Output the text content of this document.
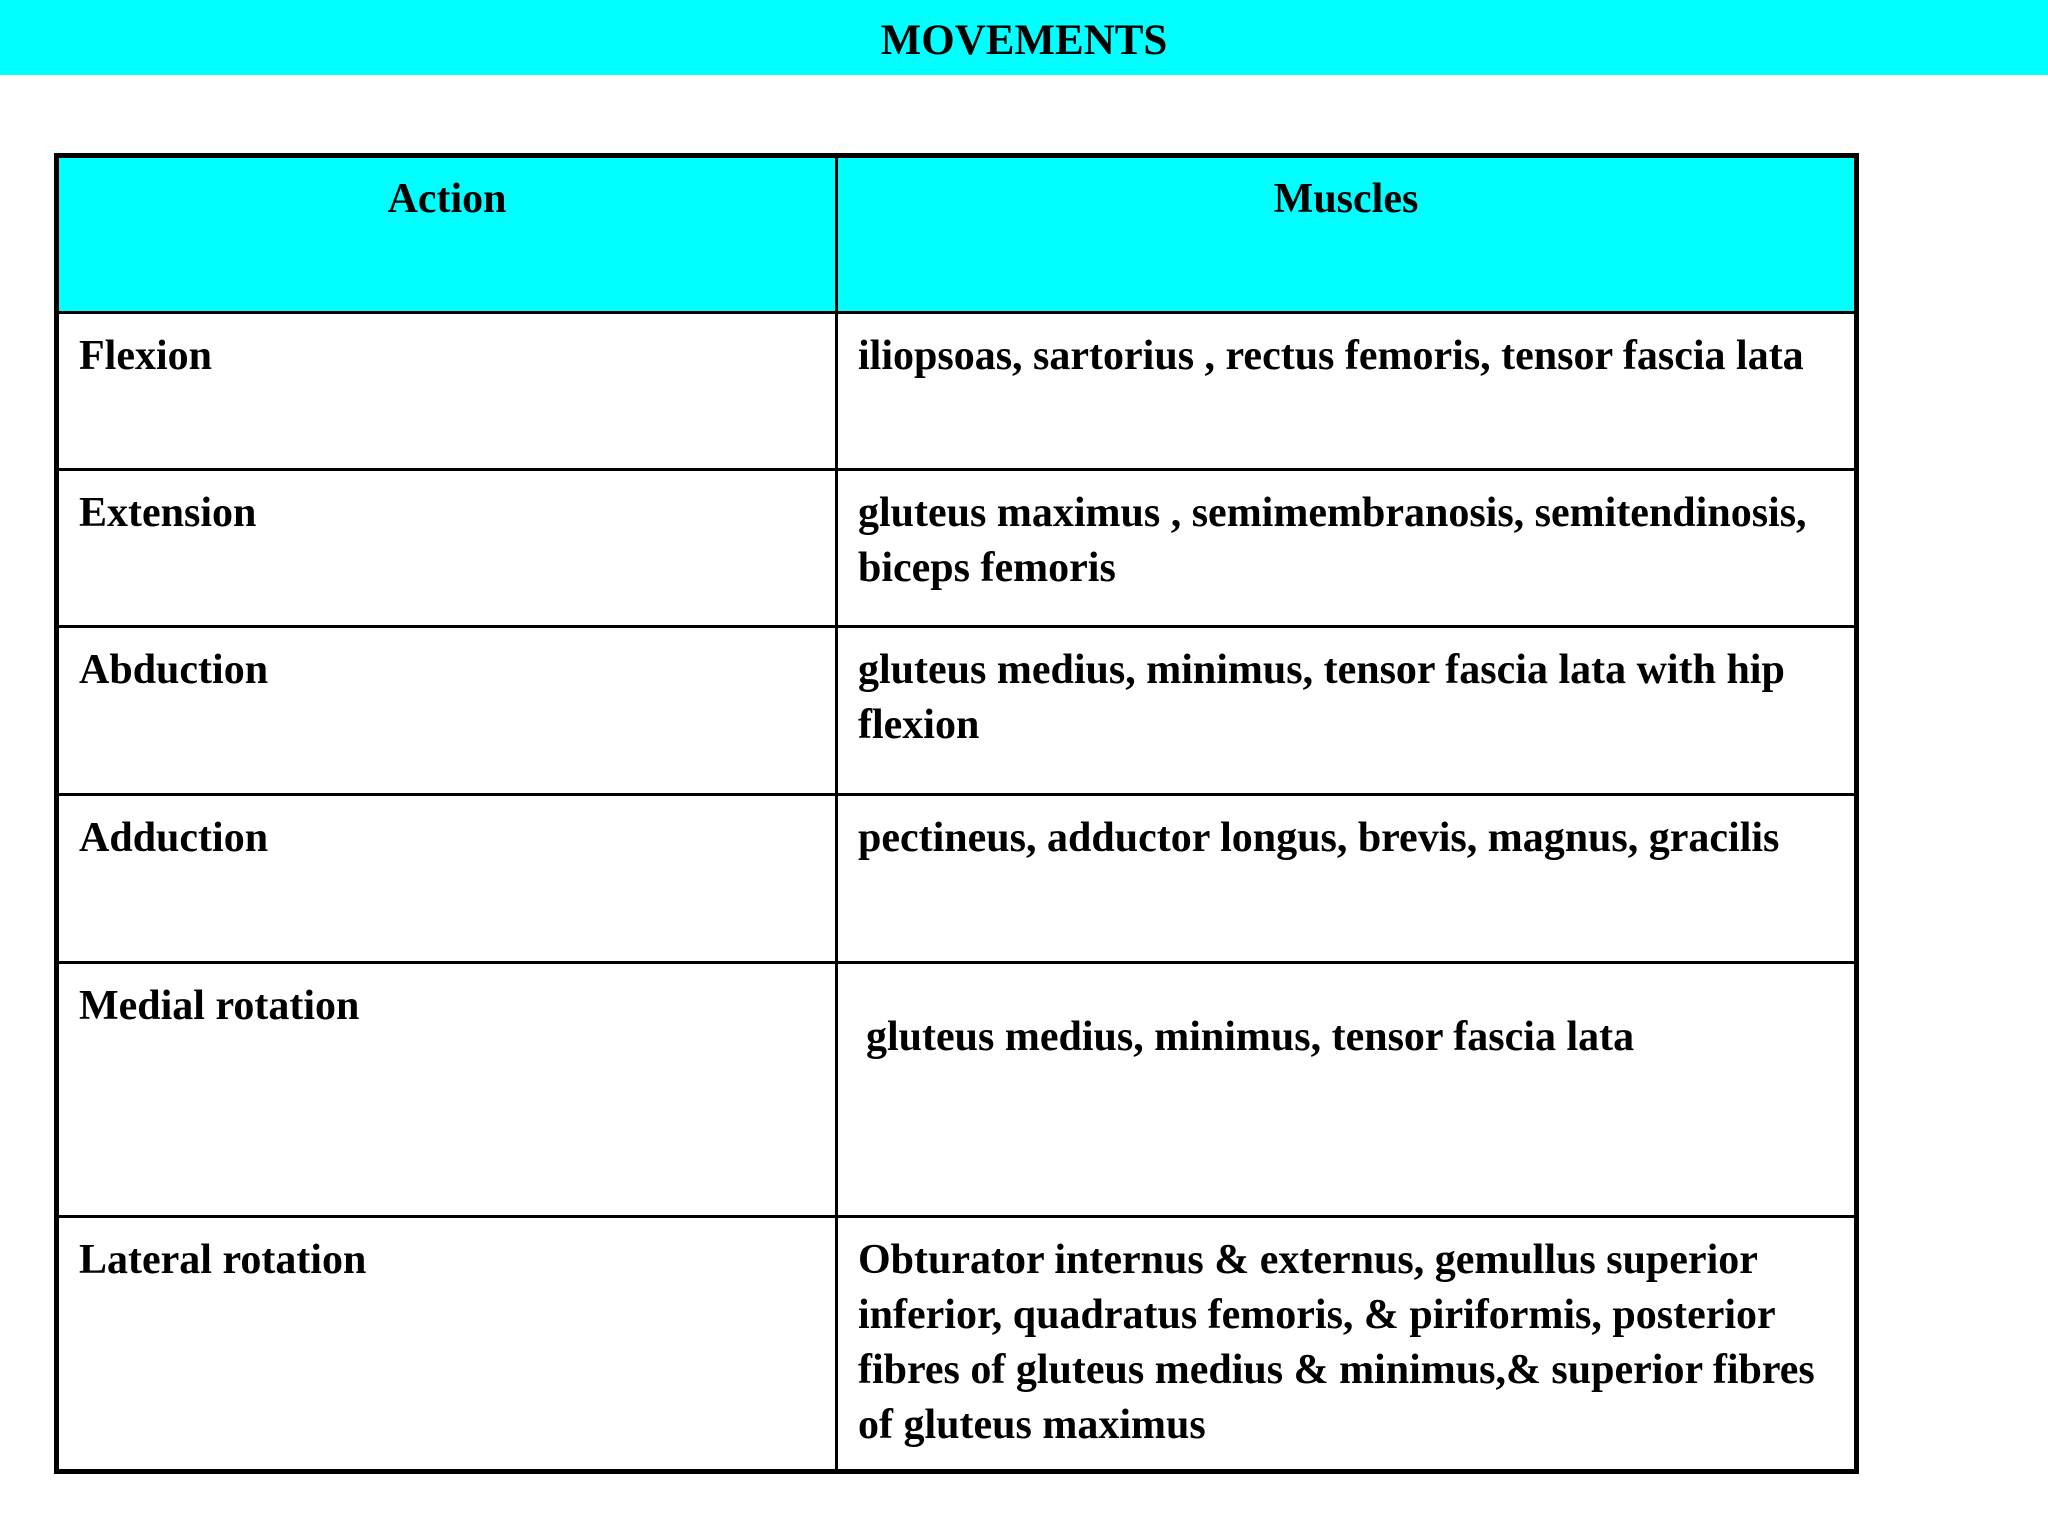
MOVEMENTS
Action	Muscles
Flexion	iliopsoas, sartorius , rectus femoris, tensor fascia lata
Extension	gluteus maximus , semimembranosis, semitendinosis, biceps femoris
Abduction	gluteus medius, minimus, tensor fascia lata with hip flexion
Adduction	pectineus, adductor longus, brevis, magnus, gracilis
Medial rotation	gluteus medius, minimus, tensor fascia lata
Lateral rotation	Obturator internus & externus, gemullus superior inferior, quadratus femoris, & piriformis, posterior fibres of gluteus medius & minimus,& superior fibres of gluteus maximus
